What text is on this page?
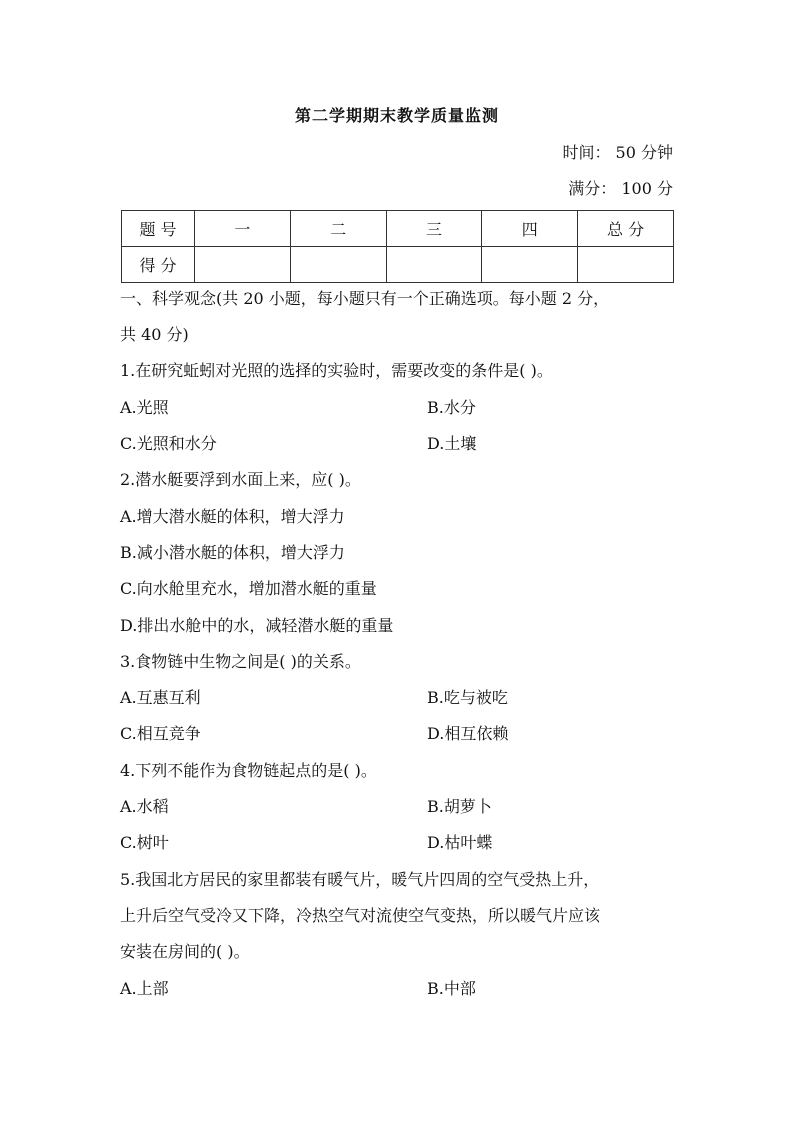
第二学期期末教学质量监测
时间： 50 分钟
满分： 100 分
题 号	一	二	三	四	总 分
得 分					
一、科学观念(共 20 小题，每小题只有一个正确选项。每小题 2 分，
共 40 分)
1.在研究蚯蚓对光照的选择的实验时，需要改变的条件是( )。
A.光照	B.水分
C.光照和水分	D.土壤
2.潜水艇要浮到水面上来，应( )。
A.增大潜水艇的体积，增大浮力
B.减小潜水艇的体积，增大浮力
C.向水舱里充水，增加潜水艇的重量
D.排出水舱中的水，减轻潜水艇的重量
3.食物链中生物之间是( )的关系。
A.互惠互利	B.吃与被吃
C.相互竞争	D.相互依赖
4.下列不能作为食物链起点的是( )。
A.水稻	B.胡萝卜
C.树叶	D.枯叶蝶
5.我国北方居民的家里都装有暖气片，暖气片四周的空气受热上升，
上升后空气受冷又下降，冷热空气对流使空气变热，所以暖气片应该
安装在房间的( )。
A.上部	B.中部
